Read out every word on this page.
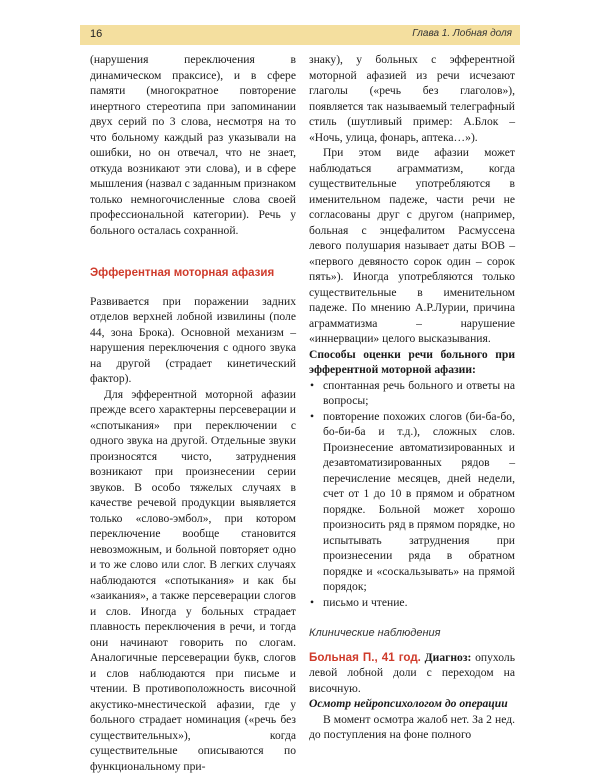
16	Глава 1. Лобная доля

(нарушения переключения в динамическом праксисе), и в сфере памяти (многократное повторение инертного стереотипа при запоминании двух серий по 3 слова, несмотря на то что больному каждый раз указывали на ошибки, но он отвечал, что не знает, откуда возникают эти слова), и в сфере мышления (назвал с заданным признаком только немногочисленные слова своей профессиональной категории). Речь у больного осталась сохранной.

Эфферентная моторная афазия

Развивается при поражении задних отделов верхней лобной извилины (поле 44, зона Брока). Основной механизм – нарушения переключения с одного звука на другой (страдает кинетический фактор).

Для эфферентной моторной афазии прежде всего характерны персеверации и «спотыкания» при переключении с одного звука на другой. Отдельные звуки произносятся чисто, затруднения возникают при произнесении серии звуков. В особо тяжелых случаях в качестве речевой продукции выявляется только «слово-эмбол», при котором переключение вообще становится невозможным, и больной повторяет одно и то же слово или слог. В легких случаях наблюдаются «спотыкания» и как бы «заикания», а также персеверации слогов и слов. Иногда у больных страдает плавность переключения в речи, и тогда они начинают говорить по слогам. Аналогичные персеверации букв, слогов и слов наблюдаются при письме и чтении. В противоположность височной акустико-мнестической афазии, где у больного страдает номинация («речь без существительных»), когда существительные описываются по функциональному при-

знаку), у больных с эфферентной моторной афазией из речи исчезают глаголы («речь без глаголов»), появляется так называемый телеграфный стиль (шутливый пример: А.Блок – «Ночь, улица, фонарь, аптека…»).

При этом виде афазии может наблюдаться аграмматизм, когда существительные употребляются в именительном падеже, части речи не согласованы друг с другом (например, больная с энцефалитом Расмуссена левого полушария называет даты ВОВ – «первого девяносто сорок один – сорок пять»). Иногда употребляются только существительные в именительном падеже. По мнению А.Р.Лурии, причина аграмматизма – нарушение «иннервации» целого высказывания.

Способы оценки речи больного при эфферентной моторной афазии:

• спонтанная речь больного и ответы на вопросы;
• повторение похожих слогов (би-ба-бо, бо-би-ба и т.д.), сложных слов. Произнесение автоматизированных и дезавтоматизированных рядов – перечисление месяцев, дней недели, счет от 1 до 10 в прямом и обратном порядке. Больной может хорошо произносить ряд в прямом порядке, но испытывать затруднения при произнесении ряда в обратном порядке и «соскальзывать» на прямой порядок;
• письмо и чтение.
Клинические наблюдения

Больная П., 41 год. Диагноз: опухоль левой лобной доли с переходом на височную.

Осмотр нейропсихологом до операции

В момент осмотра жалоб нет. За 2 нед. до поступления на фоне полного
